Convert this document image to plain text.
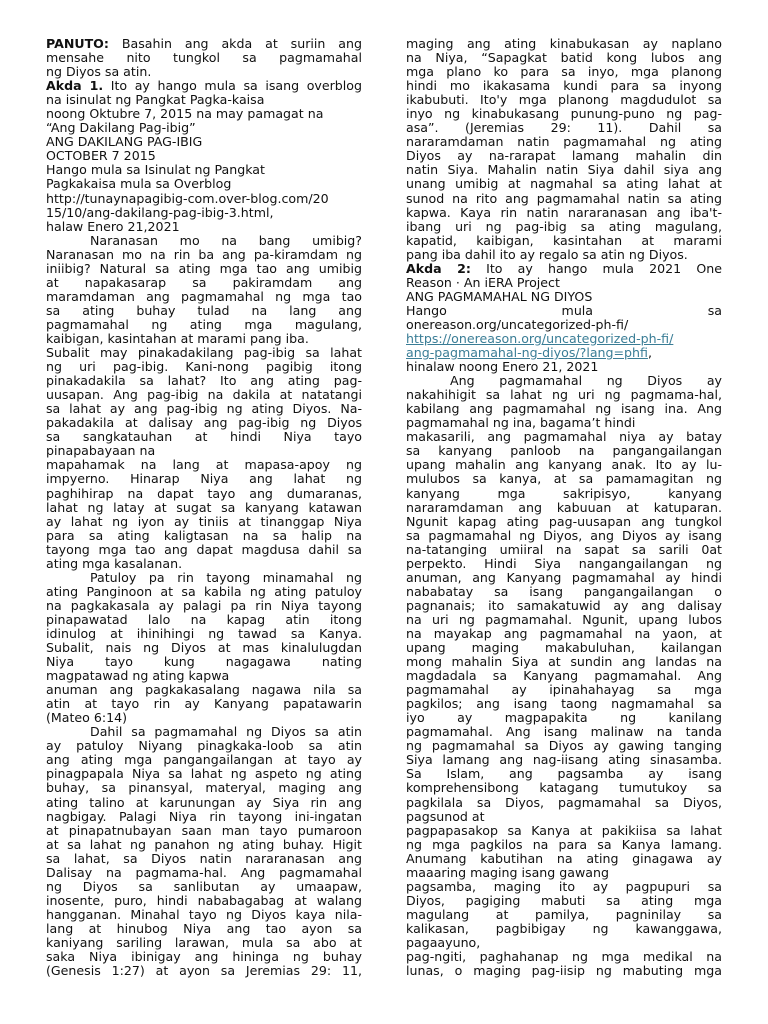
PANUTO: Basahin ang akda at suriin ang
mensahe nito tungkol sa pagmamahal
ng Diyos sa atin.
Akda 1. Ito ay hango mula sa isang overblog
na isinulat ng Pangkat Pagka-kaisa
noong Oktubre 7, 2015 na may pamagat na
“Ang Dakilang Pag-ibig”
ANG DAKILANG PAG-IBIG
OCTOBER 7 2015
Hango mula sa Isinulat ng Pangkat
Pagkakaisa mula sa Overblog
http://tunaynapagibig-com.over-blog.com/20
15/10/ang-dakilang-pag-ibig-3.html,
halaw Enero 21,2021
Naranasan mo na bang umibig?
Naranasan mo na rin ba ang pa-kiramdam ng
iniibig? Natural sa ating mga tao ang umibig
at napakasarap sa pakiramdam ang
maramdaman ang pagmamahal ng mga tao
sa ating buhay tulad na lang ang
pagmamahal ng ating mga magulang,
kaibigan, kasintahan at marami pang iba.
Subalit may pinakadakilang pag-ibig sa lahat
ng uri pag-ibig. Kani-nong pagibig itong
pinakadakila sa lahat? Ito ang ating pag-
uusapan. Ang pag-ibig na dakila at natatangi
sa lahat ay ang pag-ibig ng ating Diyos. Na-
pakadakila at dalisay ang pag-ibig ng Diyos
sa sangkatauhan at hindi Niya tayo
pinapabayaan na
mapahamak na lang at mapasa-apoy ng
impyerno. Hinarap Niya ang lahat ng
paghihirap na dapat tayo ang dumaranas,
lahat ng latay at sugat sa kanyang katawan
ay lahat ng iyon ay tiniis at tinanggap Niya
para sa ating kaligtasan na sa halip na
tayong mga tao ang dapat magdusa dahil sa
ating mga kasalanan.
Patuloy pa rin tayong minamahal ng
ating Panginoon at sa kabila ng ating patuloy
na pagkakasala ay palagi pa rin Niya tayong
pinapawatad lalo na kapag atin itong
idinulog at ihinihingi ng tawad sa Kanya.
Subalit, nais ng Diyos at mas kinalulugdan
Niya tayo kung nagagawa nating
magpatawad ng ating kapwa
anuman ang pagkakasalang nagawa nila sa
atin at tayo rin ay Kanyang papatawarin
(Mateo 6:14)
Dahil sa pagmamahal ng Diyos sa atin
ay patuloy Niyang pinagkaka-loob sa atin
ang ating mga pangangailangan at tayo ay
pinagpapala Niya sa lahat ng aspeto ng ating
buhay, sa pinansyal, materyal, maging ang
ating talino at karunungan ay Siya rin ang
nagbigay. Palagi Niya rin tayong ini-ingatan
at pinapatnubayan saan man tayo pumaroon
at sa lahat ng panahon ng ating buhay. Higit
sa lahat, sa Diyos natin nararanasan ang
Dalisay na pagmama-hal. Ang pagmamahal
ng Diyos sa sanlibutan ay umaapaw,
inosente, puro, hindi nababagabag at walang
hangganan. Minahal tayo ng Diyos kaya nila-
lang at hinubog Niya ang tao ayon sa
kaniyang sariling larawan, mula sa abo at
saka Niya ibinigay ang hininga ng buhay
(Genesis 1:27) at ayon sa Jeremias 29: 11,
maging ang ating kinabukasan ay naplano
na Niya, “Sapagkat batid kong lubos ang
mga plano ko para sa inyo, mga planong
hindi mo ikakasama kundi para sa inyong
ikabubuti. Ito'y mga planong magdudulot sa
inyo ng kinabukasang punung-puno ng pag-
asa”. (Jeremias 29: 11). Dahil sa
nararamdaman natin pagmamahal ng ating
Diyos ay na-rarapat lamang mahalin din
natin Siya. Mahalin natin Siya dahil siya ang
unang umibig at nagmahal sa ating lahat at
sunod na rito ang pagmamahal natin sa ating
kapwa. Kaya rin natin nararanasan ang iba't-
ibang uri ng pag-ibig sa ating magulang,
kapatid, kaibigan, kasintahan at marami
pang iba dahil ito ay regalo sa atin ng Diyos.
Akda 2: Ito ay hango mula 2021 One
Reason · An iERA Project
ANG PAGMAMAHAL NG DIYOS
Hango mula sa
onereason.org/uncategorized-ph-fi/
https://onereason.org/uncategorized-ph-fi/
ang-pagmamahal-ng-diyos/?lang=phfi,
hinalaw noong Enero 21, 2021
Ang pagmamahal ng Diyos ay
nakahihigit sa lahat ng uri ng pagmama-hal,
kabilang ang pagmamahal ng isang ina. Ang
pagmamahal ng ina, bagama’t hindi
makasarili, ang pagmamahal niya ay batay
sa kanyang panloob na pangangailangan
upang mahalin ang kanyang anak. Ito ay lu-
mulubos sa kanya, at sa pamamagitan ng
kanyang mga sakripisyo, kanyang
nararamdaman ang kabuuan at katuparan.
Ngunit kapag ating pag-uusapan ang tungkol
sa pagmamahal ng Diyos, ang Diyos ay isang
na-tatanging umiiral na sapat sa sarili 0at
perpekto. Hindi Siya nangangailangan ng
anuman, ang Kanyang pagmamahal ay hindi
nababatay sa isang pangangailangan o
pagnanais; ito samakatuwid ay ang dalisay
na uri ng pagmamahal. Ngunit, upang lubos
na mayakap ang pagmamahal na yaon, at
upang maging makabuluhan, kailangan
mong mahalin Siya at sundin ang landas na
magdadala sa Kanyang pagmamahal. Ang
pagmamahal ay ipinahahayag sa mga
pagkilos; ang isang taong nagmamahal sa
iyo ay magpapakita ng kanilang
pagmamahal. Ang isang malinaw na tanda
ng pagmamahal sa Diyos ay gawing tanging
Siya lamang ang nag-iisang ating sinasamba.
Sa Islam, ang pagsamba ay isang
komprehensibong katagang tumutukoy sa
pagkilala sa Diyos, pagmamahal sa Diyos,
pagsunod at
pagpapasakop sa Kanya at pakikiisa sa lahat
ng mga pagkilos na para sa Kanya lamang.
Anumang kabutihan na ating ginagawa ay
maaaring maging isang gawang
pagsamba, maging ito ay pagpupuri sa
Diyos, pagiging mabuti sa ating mga
magulang at pamilya, pagninilay sa
kalikasan, pagbibigay ng kawanggawa,
pagaayuno,
pag-ngiti, paghahanap ng mga medikal na
lunas, o maging pag-iisip ng mabuting mga
